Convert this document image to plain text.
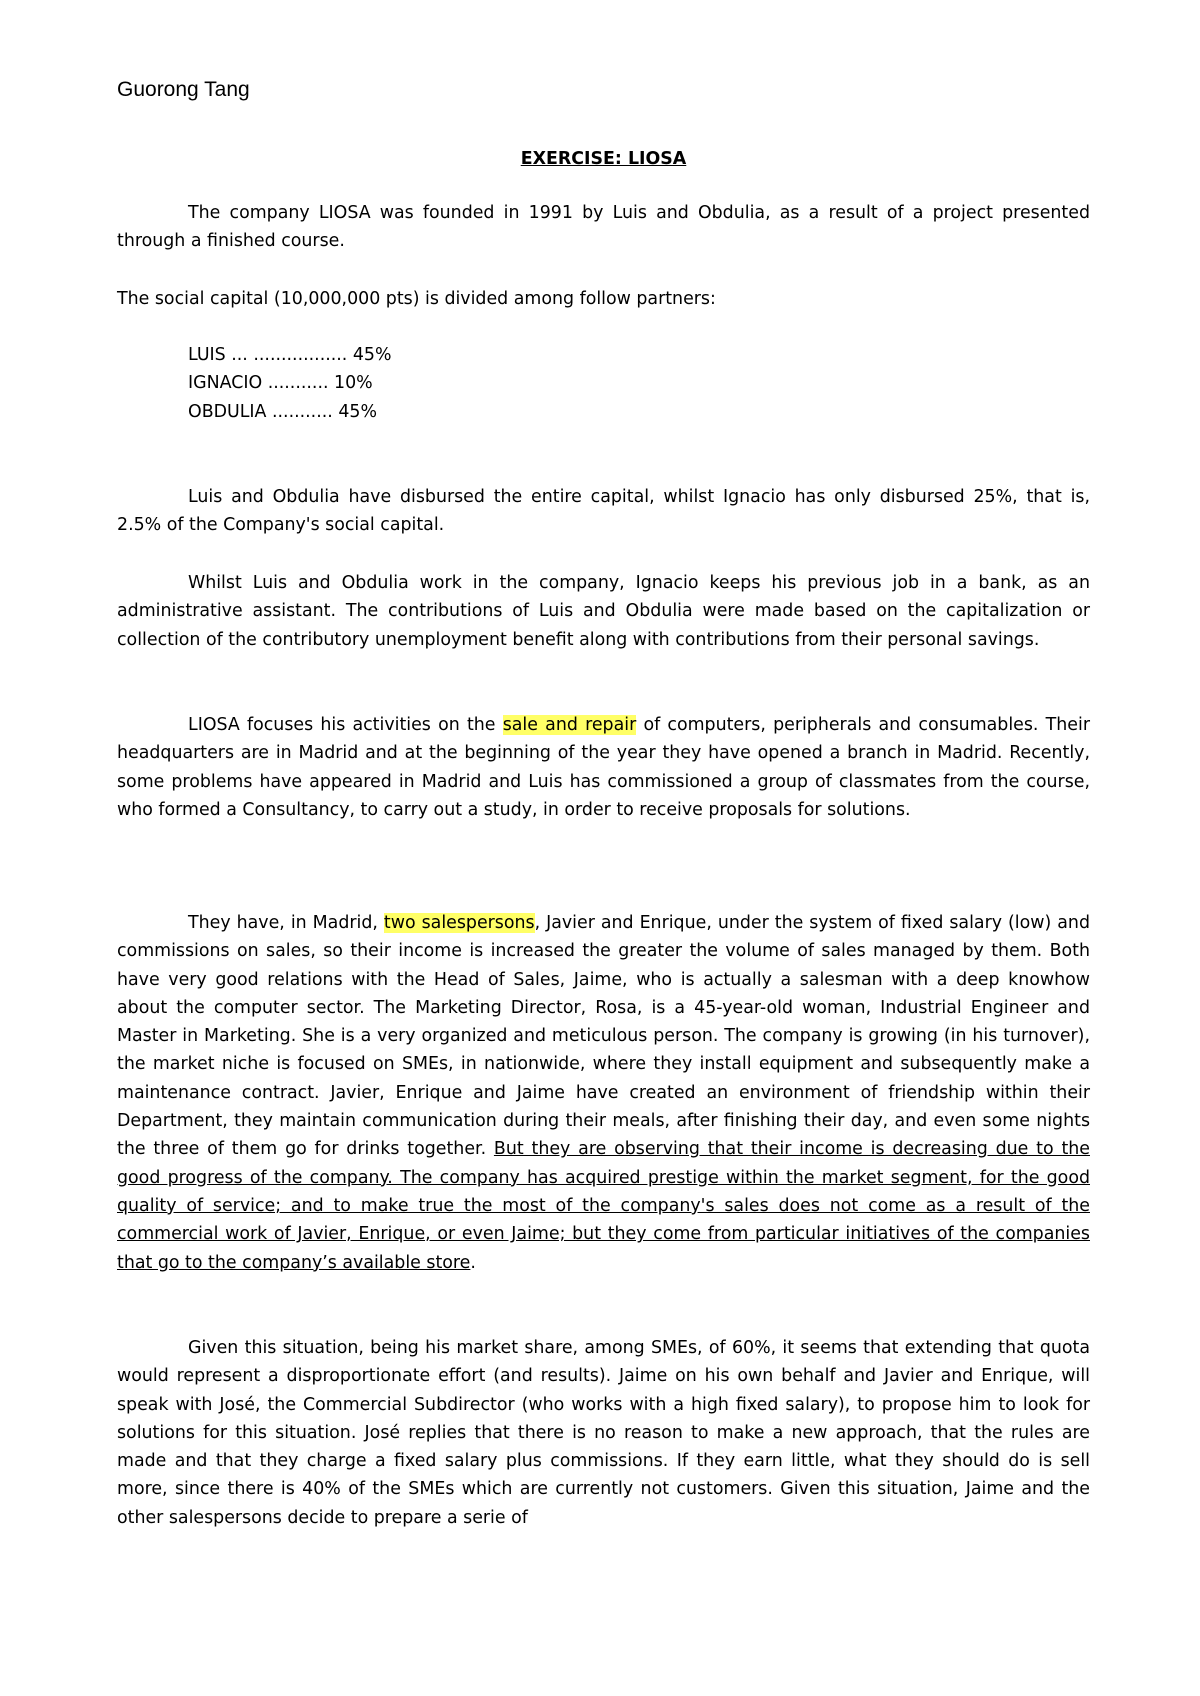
Guorong Tang
EXERCISE: LIOSA

The company LIOSA was founded in 1991 by Luis and Obdulia, as a result of a project presented through a finished course.

The social capital (10,000,000 pts) is divided among follow partners:

LUIS ... ................. 45%
IGNACIO ........... 10%
OBDULIA ........... 45%

Luis and Obdulia have disbursed the entire capital, whilst Ignacio has only disbursed 25%, that is, 2.5% of the Company's social capital.

Whilst Luis and Obdulia work in the company, Ignacio keeps his previous job in a bank, as an administrative assistant. The contributions of Luis and Obdulia were made based on the capitalization or collection of the contributory unemployment benefit along with contributions from their personal savings.

LIOSA focuses his activities on the sale and repair of computers, peripherals and consumables. Their headquarters are in Madrid and at the beginning of the year they have opened a branch in Madrid. Recently, some problems have appeared in Madrid and Luis has commissioned a group of classmates from the course, who formed a Consultancy, to carry out a study, in order to receive proposals for solutions.

They have, in Madrid, two salespersons, Javier and Enrique, under the system of fixed salary (low) and commissions on sales, so their income is increased the greater the volume of sales managed by them. Both have very good relations with the Head of Sales, Jaime, who is actually a salesman with a deep knowhow about the computer sector. The Marketing Director, Rosa, is a 45-year-old woman, Industrial Engineer and Master in Marketing. She is a very organized and meticulous person. The company is growing (in his turnover), the market niche is focused on SMEs, in nationwide, where they install equipment and subsequently make a maintenance contract. Javier, Enrique and Jaime have created an environment of friendship within their Department, they maintain communication during their meals, after finishing their day, and even some nights the three of them go for drinks together. But they are observing that their income is decreasing due to the good progress of the company. The company has acquired prestige within the market segment, for the good quality of service; and to make true the most of the company's sales does not come as a result of the commercial work of Javier, Enrique, or even Jaime; but they come from particular initiatives of the companies that go to the company’s available store.

Given this situation, being his market share, among SMEs, of 60%, it seems that extending that quota would represent a disproportionate effort (and results). Jaime on his own behalf and Javier and Enrique, will speak with José, the Commercial Subdirector (who works with a high fixed salary), to propose him to look for solutions for this situation. José replies that there is no reason to make a new approach, that the rules are made and that they charge a fixed salary plus commissions. If they earn little, what they should do is sell more, since there is 40% of the SMEs which are currently not customers. Given this situation, Jaime and the other salespersons decide to prepare a serie of
